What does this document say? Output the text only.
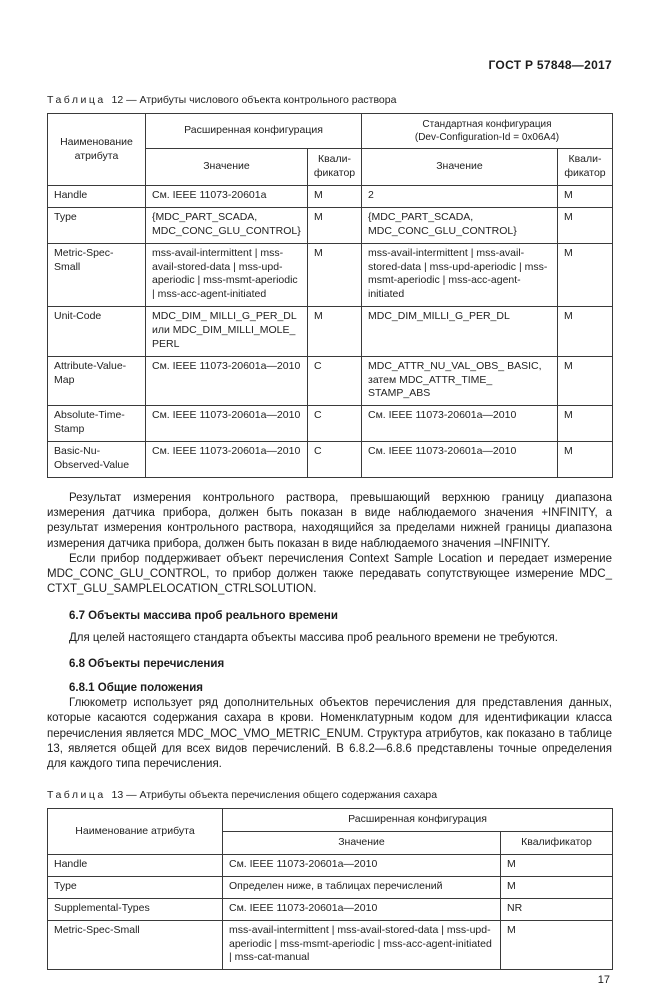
ГОСТ Р 57848—2017
Таблица 12 — Атрибуты числового объекта контрольного раствора
Наименование атрибута	Расширенная конфигурация		Стандартная конфигурация
(Dev-Configuration-Id = 0x06A4)	

	Значение	Квали-фикатор	Значение	Квали-фикатор
Handle	См. IEEE 11073-20601a	M	2	M
Type	{MDC_PART_SCADA, MDC_CONC_GLU_CONTROL}	M	{MDC_PART_SCADA, MDC_CONC_GLU_CONTROL}	M
Metric-Spec-Small	mss-avail-intermittent | mss-avail-stored-data | mss-upd-aperiodic | mss-msmt-aperiodic | mss-acc-agent-initiated	M	mss-avail-intermittent | mss-avail-stored-data | mss-upd-aperiodic | mss-msmt-aperiodic | mss-acc-agent-initiated	M
Unit-Code	MDC_DIM_ MILLI_G_PER_DL или MDC_DIM_MILLI_MOLE_ PERL	M	MDC_DIM_MILLI_G_PER_DL	M
Attribute-Value-Map	См. IEEE 11073-20601a—2010	C	MDC_ATTR_NU_VAL_OBS_ BASIC, затем MDC_ATTR_TIME_ STAMP_ABS	M
Absolute-Time-Stamp	См. IEEE 11073-20601a—2010	C	См. IEEE 11073-20601a—2010	M
Basic-Nu-Observed-Value	См. IEEE 11073-20601a—2010	C	См. IEEE 11073-20601a—2010	M

Результат измерения контрольного раствора, превышающий верхнюю границу диапазона измерения датчика прибора, должен быть показан в виде наблюдаемого значения +INFINITY, а результат измерения контрольного раствора, находящийся за пределами нижней границы диапазона измерения датчика прибора, должен быть показан в виде наблюдаемого значения –INFINITY.

Если прибор поддерживает объект перечисления Context Sample Location и передает измерение MDC_CONC_GLU_CONTROL, то прибор должен также передавать сопутствующее измерение MDC_ CTXT_GLU_SAMPLELOCATION_CTRLSOLUTION.

6.7 Объекты массива проб реального времени

Для целей настоящего стандарта объекты массива проб реального времени не требуются.

6.8 Объекты перечисления
6.8.1 Общие положения

Глюкометр использует ряд дополнительных объектов перечисления для представления данных, которые касаются содержания сахара в крови. Номенклатурным кодом для идентификации класса перечисления является MDC_MOC_VMO_METRIC_ENUM. Структура атрибутов, как показано в таблице 13, является общей для всех видов перечислений. В 6.8.2—6.8.6 представлены точные определения для каждого типа перечисления.

Таблица 13 — Атрибуты объекта перечисления общего содержания сахара
Наименование атрибута	Расширенная конфигурация	
	Значение	Квалификатор
Handle	См. IEEE 11073-20601a—2010	M
Type	Определен ниже, в таблицах перечислений	M
Supplemental-Types	См. IEEE 11073-20601a—2010	NR
Metric-Spec-Small	mss-avail-intermittent | mss-avail-stored-data | mss-upd-aperiodic | mss-msmt-aperiodic | mss-acc-agent-initiated | mss-cat-manual	M
17
